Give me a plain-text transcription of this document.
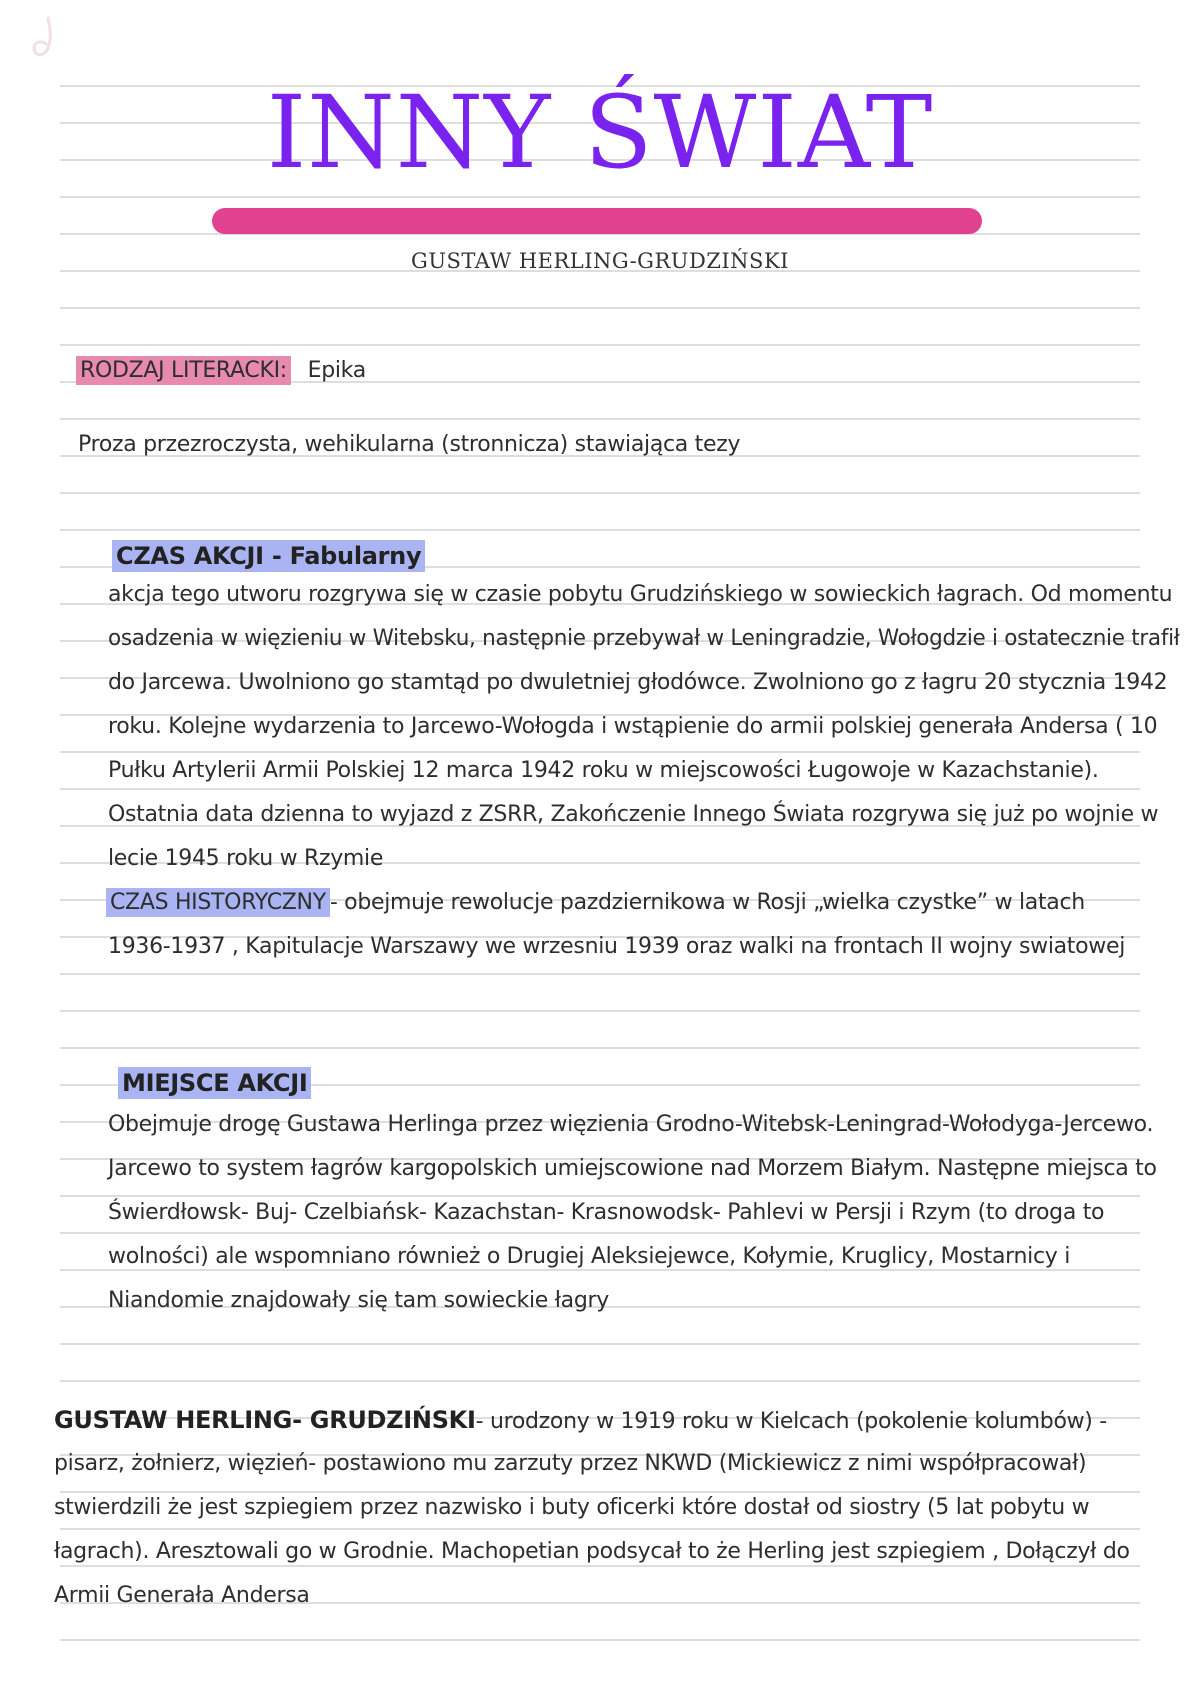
INNY ŚWIAT
GUSTAW HERLING-GRUDZIŃSKI
RODZAJ LITERACKI: Epika
Proza przezroczysta, wehikularna (stronnicza) stawiająca tezy
CZAS AKCJI - Fabularny
akcja tego utworu rozgrywa się w czasie pobytu Grudzińskiego w sowieckich łagrach. Od momentu
osadzenia w więzieniu w Witebsku, następnie przebywał w Leningradzie, Wołogdzie i ostatecznie trafił
do Jarcewa. Uwolniono go stamtąd po dwuletniej głodówce. Zwolniono go z łagru 20 stycznia 1942
roku. Kolejne wydarzenia to Jarcewo-Wołogda i wstąpienie do armii polskiej generała Andersa ( 10
Pułku Artylerii Armii Polskiej 12 marca 1942 roku w miejscowości Ługowoje w Kazachstanie).
Ostatnia data dzienna to wyjazd z ZSRR, Zakończenie Innego Świata rozgrywa się już po wojnie w
lecie 1945 roku w Rzymie
CZAS HISTORYCZNY - obejmuje rewolucje pazdziernikowa w Rosji „wielka czystke” w latach
1936-1937 , Kapitulacje Warszawy we wrzesniu 1939 oraz walki na frontach II wojny swiatowej
MIEJSCE AKCJI
Obejmuje drogę Gustawa Herlinga przez więzienia Grodno-Witebsk-Leningrad-Wołodyga-Jercewo.
Jarcewo to system łagrów kargopolskich umiejscowione nad Morzem Białym. Następne miejsca to
Świerdłowsk- Buj- Czelbiańsk- Kazachstan- Krasnowodsk- Pahlevi w Persji i Rzym (to droga to
wolności) ale wspomniano również o Drugiej Aleksiejewce, Kołymie, Kruglicy, Mostarnicy i
Niandomie znajdowały się tam sowieckie łagry
GUSTAW HERLING- GRUDZIŃSKI- urodzony w 1919 roku w Kielcach (pokolenie kolumbów) -
pisarz, żołnierz, więzień- postawiono mu zarzuty przez NKWD (Mickiewicz z nimi współpracował)
stwierdzili że jest szpiegiem przez nazwisko i buty oficerki które dostał od siostry (5 lat pobytu w
łagrach). Aresztowali go w Grodnie. Machopetian podsycał to że Herling jest szpiegiem , Dołączył do
Armii Generała Andersa
